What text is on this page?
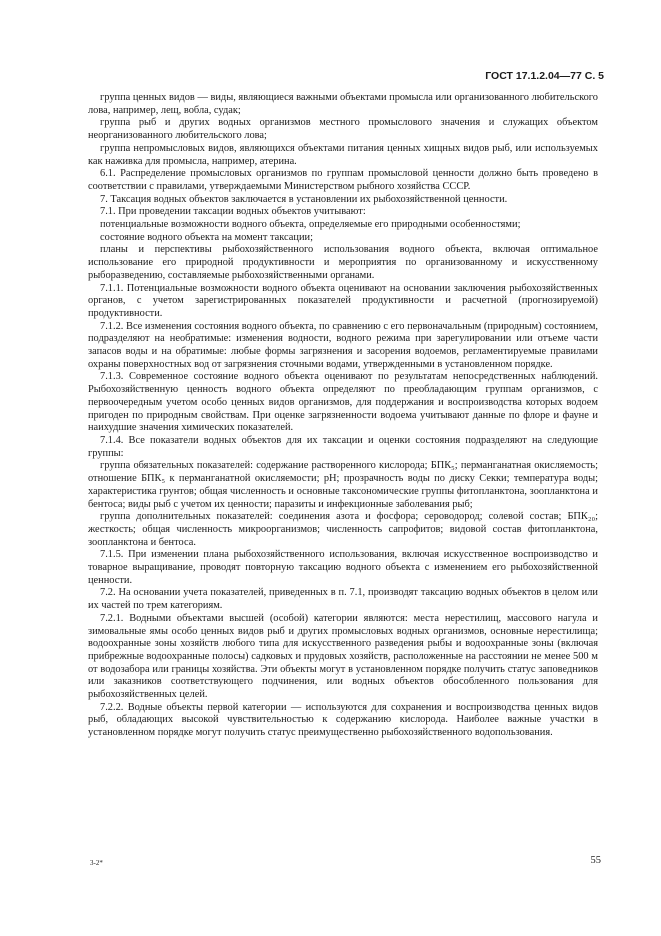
ГОСТ 17.1.2.04—77 С. 5

группа ценных видов — виды, являющиеся важными объектами промысла или организованного любительского лова, например, лещ, вобла, судак;

группа рыб и других водных организмов местного промыслового значения и служащих объектом неорганизованного любительского лова;

группа непромысловых видов, являющихся объектами питания ценных хищных видов рыб, или используемых как наживка для промысла, например, атерина.

6.1. Распределение промысловых организмов по группам промысловой ценности должно быть проведено в соответствии с правилами, утверждаемыми Министерством рыбного хозяйства СССР.

7. Таксация водных объектов заключается в установлении их рыбохозяйственной ценности.

7.1. При проведении таксации водных объектов учитывают:

потенциальные возможности водного объекта, определяемые его природными особенностями;

состояние водного объекта на момент таксации;

планы и перспективы рыбохозяйственного использования водного объекта, включая оптимальное использование его природной продуктивности и мероприятия по организованному и искусственному рыборазведению, составляемые рыбохозяйственными органами.

7.1.1. Потенциальные возможности водного объекта оценивают на основании заключения рыбохозяйственных органов, с учетом зарегистрированных показателей продуктивности и расчетной (прогнозируемой) продуктивности.

7.1.2. Все изменения состояния водного объекта, по сравнению с его первоначальным (природным) состоянием, подразделяют на необратимые: изменения водности, водного режима при зарегулировании или отъеме части запасов воды и на обратимые: любые формы загрязнения и засорения водоемов, регламентируемые правилами охраны поверхностных вод от загрязнения сточными водами, утвержденными в установленном порядке.

7.1.3. Современное состояние водного объекта оценивают по результатам непосредственных наблюдений. Рыбохозяйственную ценность водного объекта определяют по преобладающим группам организмов, с первоочередным учетом особо ценных видов организмов, для поддержания и воспроизводства которых водоем пригоден по природным свойствам. При оценке загрязненности водоема учитывают данные по флоре и фауне и наихудшие значения химических показателей.

7.1.4. Все показатели водных объектов для их таксации и оценки состояния подразделяют на следующие группы:

группа обязательных показателей: содержание растворенного кислорода; БПК₅; перманганатная окисляемость; отношение БПК₅ к перманганатной окисляемости; pH; прозрачность воды по диску Секки; температура воды; характеристика грунтов; общая численность и основные таксономические группы фитопланктона, зоопланктона и бентоса; виды рыб с учетом их ценности; паразиты и инфекционные заболевания рыб;

группа дополнительных показателей: соединения азота и фосфора; сероводород; солевой состав; БПК₂₀; жесткость; общая численность микроорганизмов; численность сапрофитов; видовой состав фитопланктона, зоопланктона и бентоса.

7.1.5. При изменении плана рыбохозяйственного использования, включая искусственное воспроизводство и товарное выращивание, проводят повторную таксацию водного объекта с изменением его рыбохозяйственной ценности.

7.2. На основании учета показателей, приведенных в п. 7.1, производят таксацию водных объектов в целом или их частей по трем категориям.

7.2.1. Водными объектами высшей (особой) категории являются: места нерестилищ, массового нагула и зимовальные ямы особо ценных видов рыб и других промысловых водных организмов, основные нерестилища; водоохранные зоны хозяйств любого типа для искусственного разведения рыбы и водоохранные зоны (включая прибрежные водоохранные полосы) садковых и прудовых хозяйств, расположенные на расстоянии не менее 500 м от водозабора или границы хозяйства. Эти объекты могут в установленном порядке получить статус заповедников или заказников соответствующего подчинения, или водных объектов обособленного пользования для рыбохозяйственных целей.

7.2.2. Водные объекты первой категории — используются для сохранения и воспроизводства ценных видов рыб, обладающих высокой чувствительностью к содержанию кислорода. Наиболее важные участки в установленном порядке могут получить статус преимущественно рыбохозяйственного водопользования.

3-2*	55
